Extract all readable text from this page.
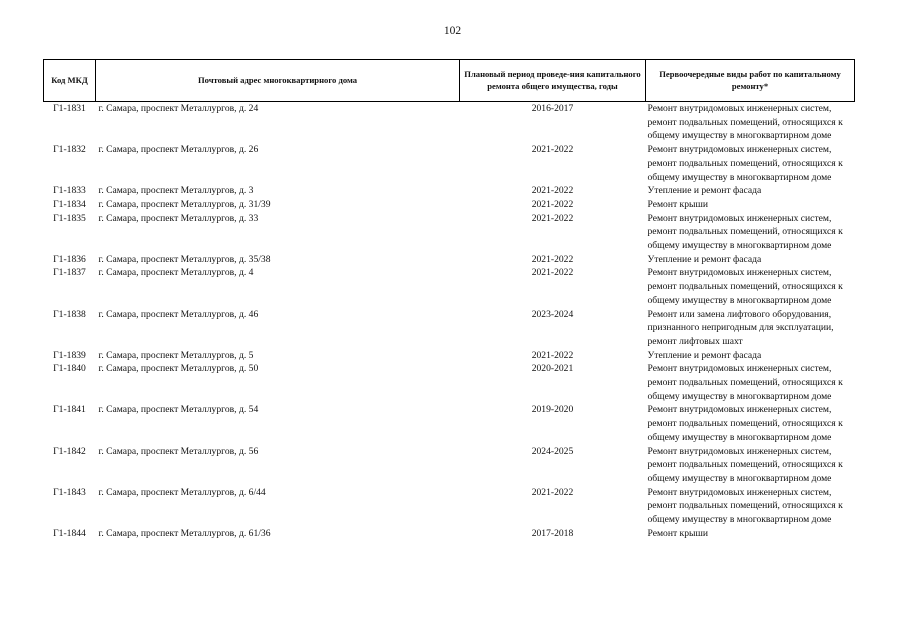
102
Код МКД	Почтовый адрес многоквартирного дома	Плановый период проведе-ния капитального ремонта общего имущества, годы	Первоочередные виды работ по капитальному ремонту*
Г1-1831	г. Самара, проспект Металлургов, д. 24	2016-2017	Ремонт внутридомовых инженерных систем, ремонт подвальных помещений, относящихся к общему имуществу в многоквартирном доме
Г1-1832	г. Самара, проспект Металлургов, д. 26	2021-2022	Ремонт внутридомовых инженерных систем, ремонт подвальных помещений, относящихся к общему имуществу в многоквартирном доме
Г1-1833	г. Самара, проспект Металлургов, д. 3	2021-2022	Утепление и ремонт фасада
Г1-1834	г. Самара, проспект Металлургов, д. 31/39	2021-2022	Ремонт крыши
Г1-1835	г. Самара, проспект Металлургов, д. 33	2021-2022	Ремонт внутридомовых инженерных систем, ремонт подвальных помещений, относящихся к общему имуществу в многоквартирном доме
Г1-1836	г. Самара, проспект Металлургов, д. 35/38	2021-2022	Утепление и ремонт фасада
Г1-1837	г. Самара, проспект Металлургов, д. 4	2021-2022	Ремонт внутридомовых инженерных систем, ремонт подвальных помещений, относящихся к общему имуществу в многоквартирном доме
Г1-1838	г. Самара, проспект Металлургов, д. 46	2023-2024	Ремонт или замена лифтового оборудования, признанного непригодным для эксплуатации, ремонт лифтовых шахт
Г1-1839	г. Самара, проспект Металлургов, д. 5	2021-2022	Утепление и ремонт фасада
Г1-1840	г. Самара, проспект Металлургов, д. 50	2020-2021	Ремонт внутридомовых инженерных систем, ремонт подвальных помещений, относящихся к общему имуществу в многоквартирном доме
Г1-1841	г. Самара, проспект Металлургов, д. 54	2019-2020	Ремонт внутридомовых инженерных систем, ремонт подвальных помещений, относящихся к общему имуществу в многоквартирном доме
Г1-1842	г. Самара, проспект Металлургов, д. 56	2024-2025	Ремонт внутридомовых инженерных систем, ремонт подвальных помещений, относящихся к общему имуществу в многоквартирном доме
Г1-1843	г. Самара, проспект Металлургов, д. 6/44	2021-2022	Ремонт внутридомовых инженерных систем, ремонт подвальных помещений, относящихся к общему имуществу в многоквартирном доме
Г1-1844	г. Самара, проспект Металлургов, д. 61/36	2017-2018	Ремонт крыши
